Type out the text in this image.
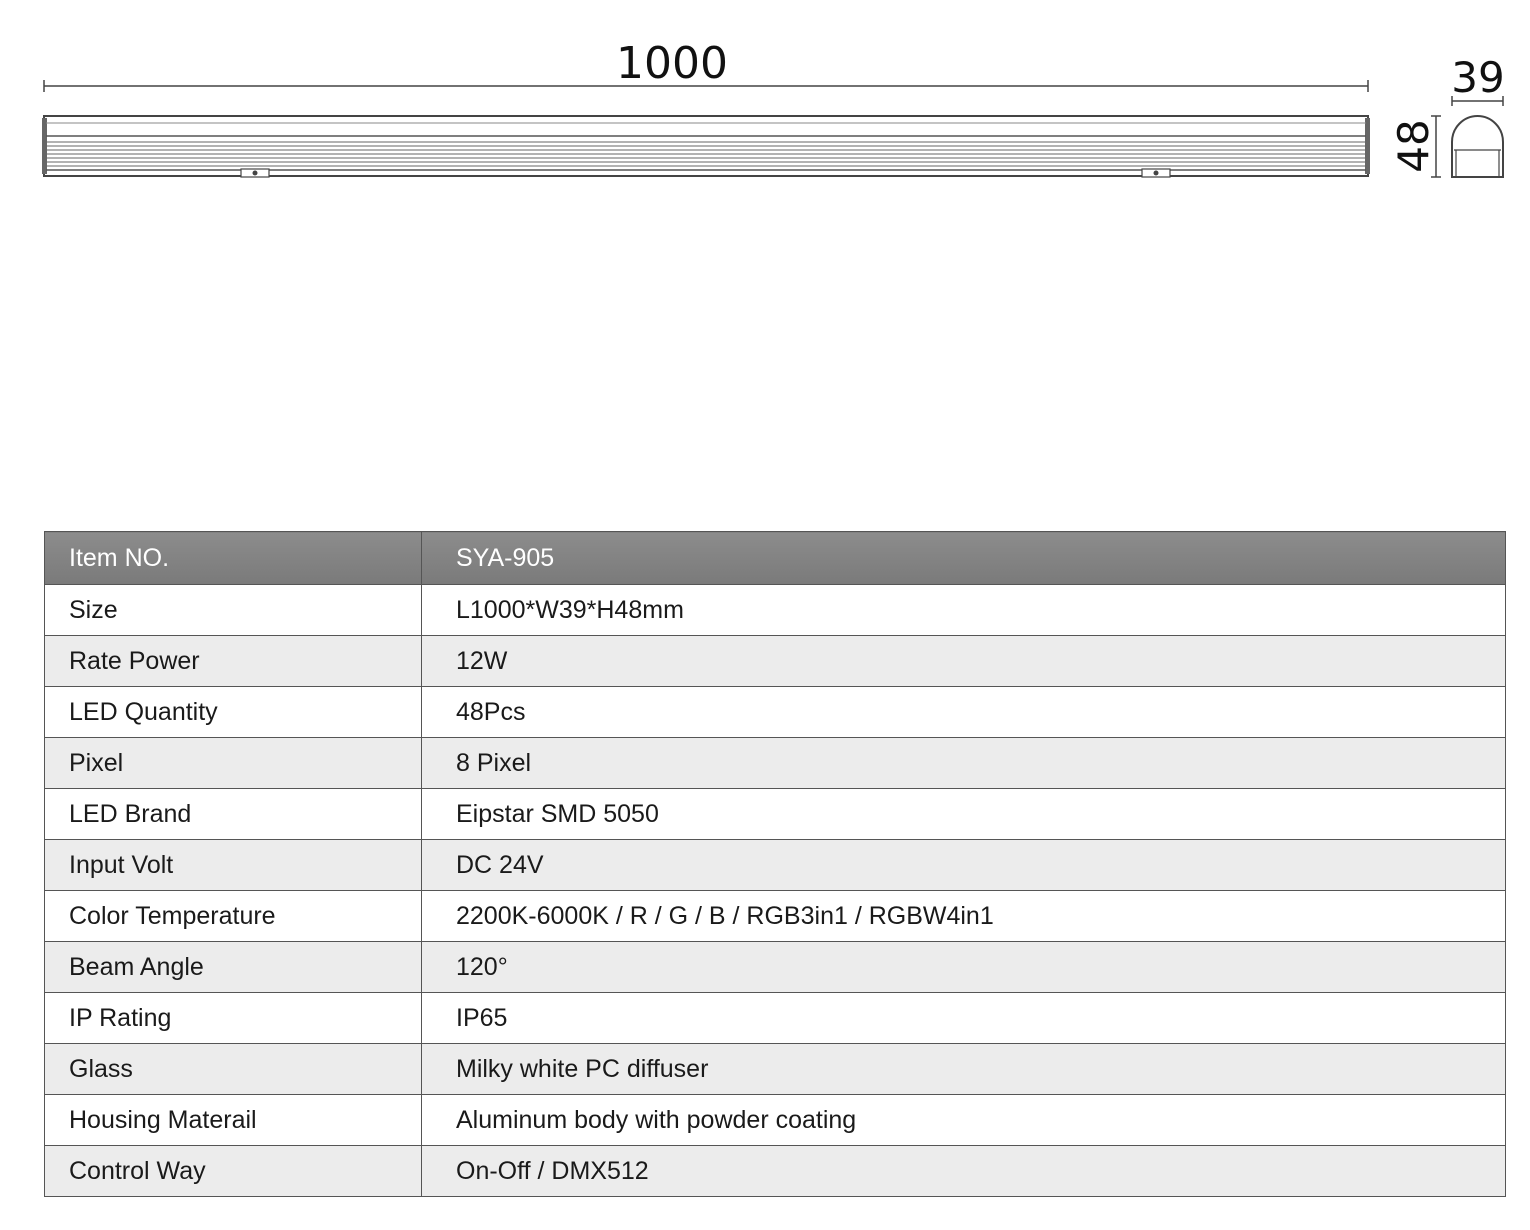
1000	39
48
Item NO.	SYA-905
Size	L1000*W39*H48mm
Rate Power	12W
LED Quantity	48Pcs
Pixel	8 Pixel
LED Brand	Eipstar SMD 5050
Input Volt	DC 24V
Color Temperature	2200K-6000K / R / G / B / RGB3in1 / RGBW4in1
Beam Angle	120°
IP Rating	IP65
Glass	Milky white PC diffuser
Housing Materail	Aluminum body with powder coating
Control Way	On-Off / DMX512
